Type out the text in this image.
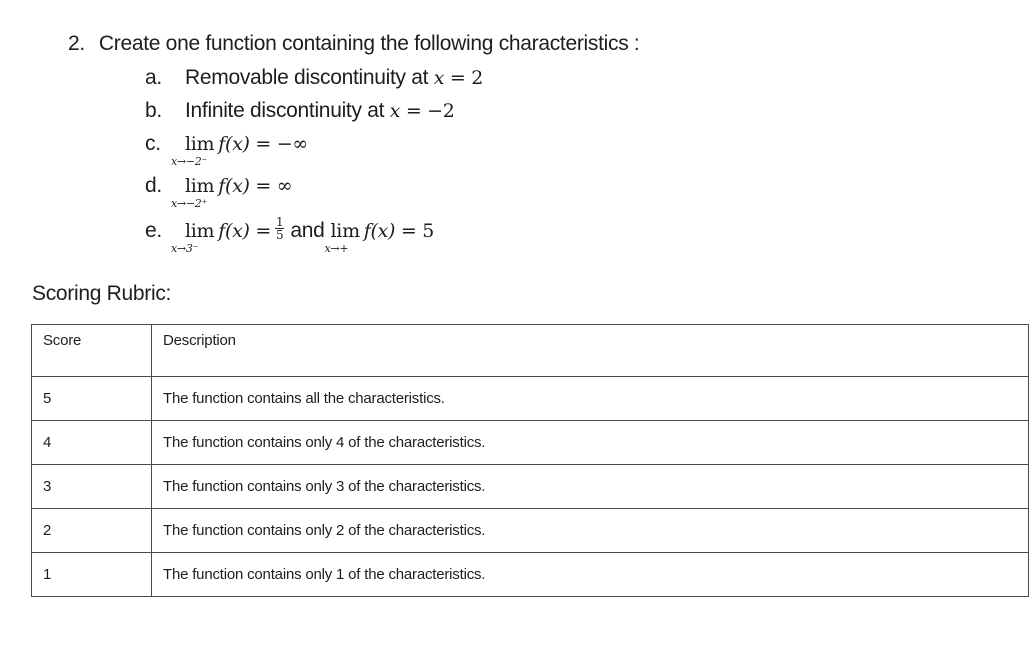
2. Create one function containing the following characteristics :
a. Removable discontinuity at x = 2
b. Infinite discontinuity at x = −2
c. lim
x→−2⁻
f(x) = −∞
d. lim
x→−2⁺
f(x) = ∞
e. lim
x→3⁻
$f(x) = \frac{1}{5}$ and lim
x→+
f(x) = 5
Scoring Rubric:
Score	Description
5	The function contains all the characteristics.
4	The function contains only 4 of the characteristics.
3	The function contains only 3 of the characteristics.
2	The function contains only 2 of the characteristics.
1	The function contains only 1 of the characteristics.
